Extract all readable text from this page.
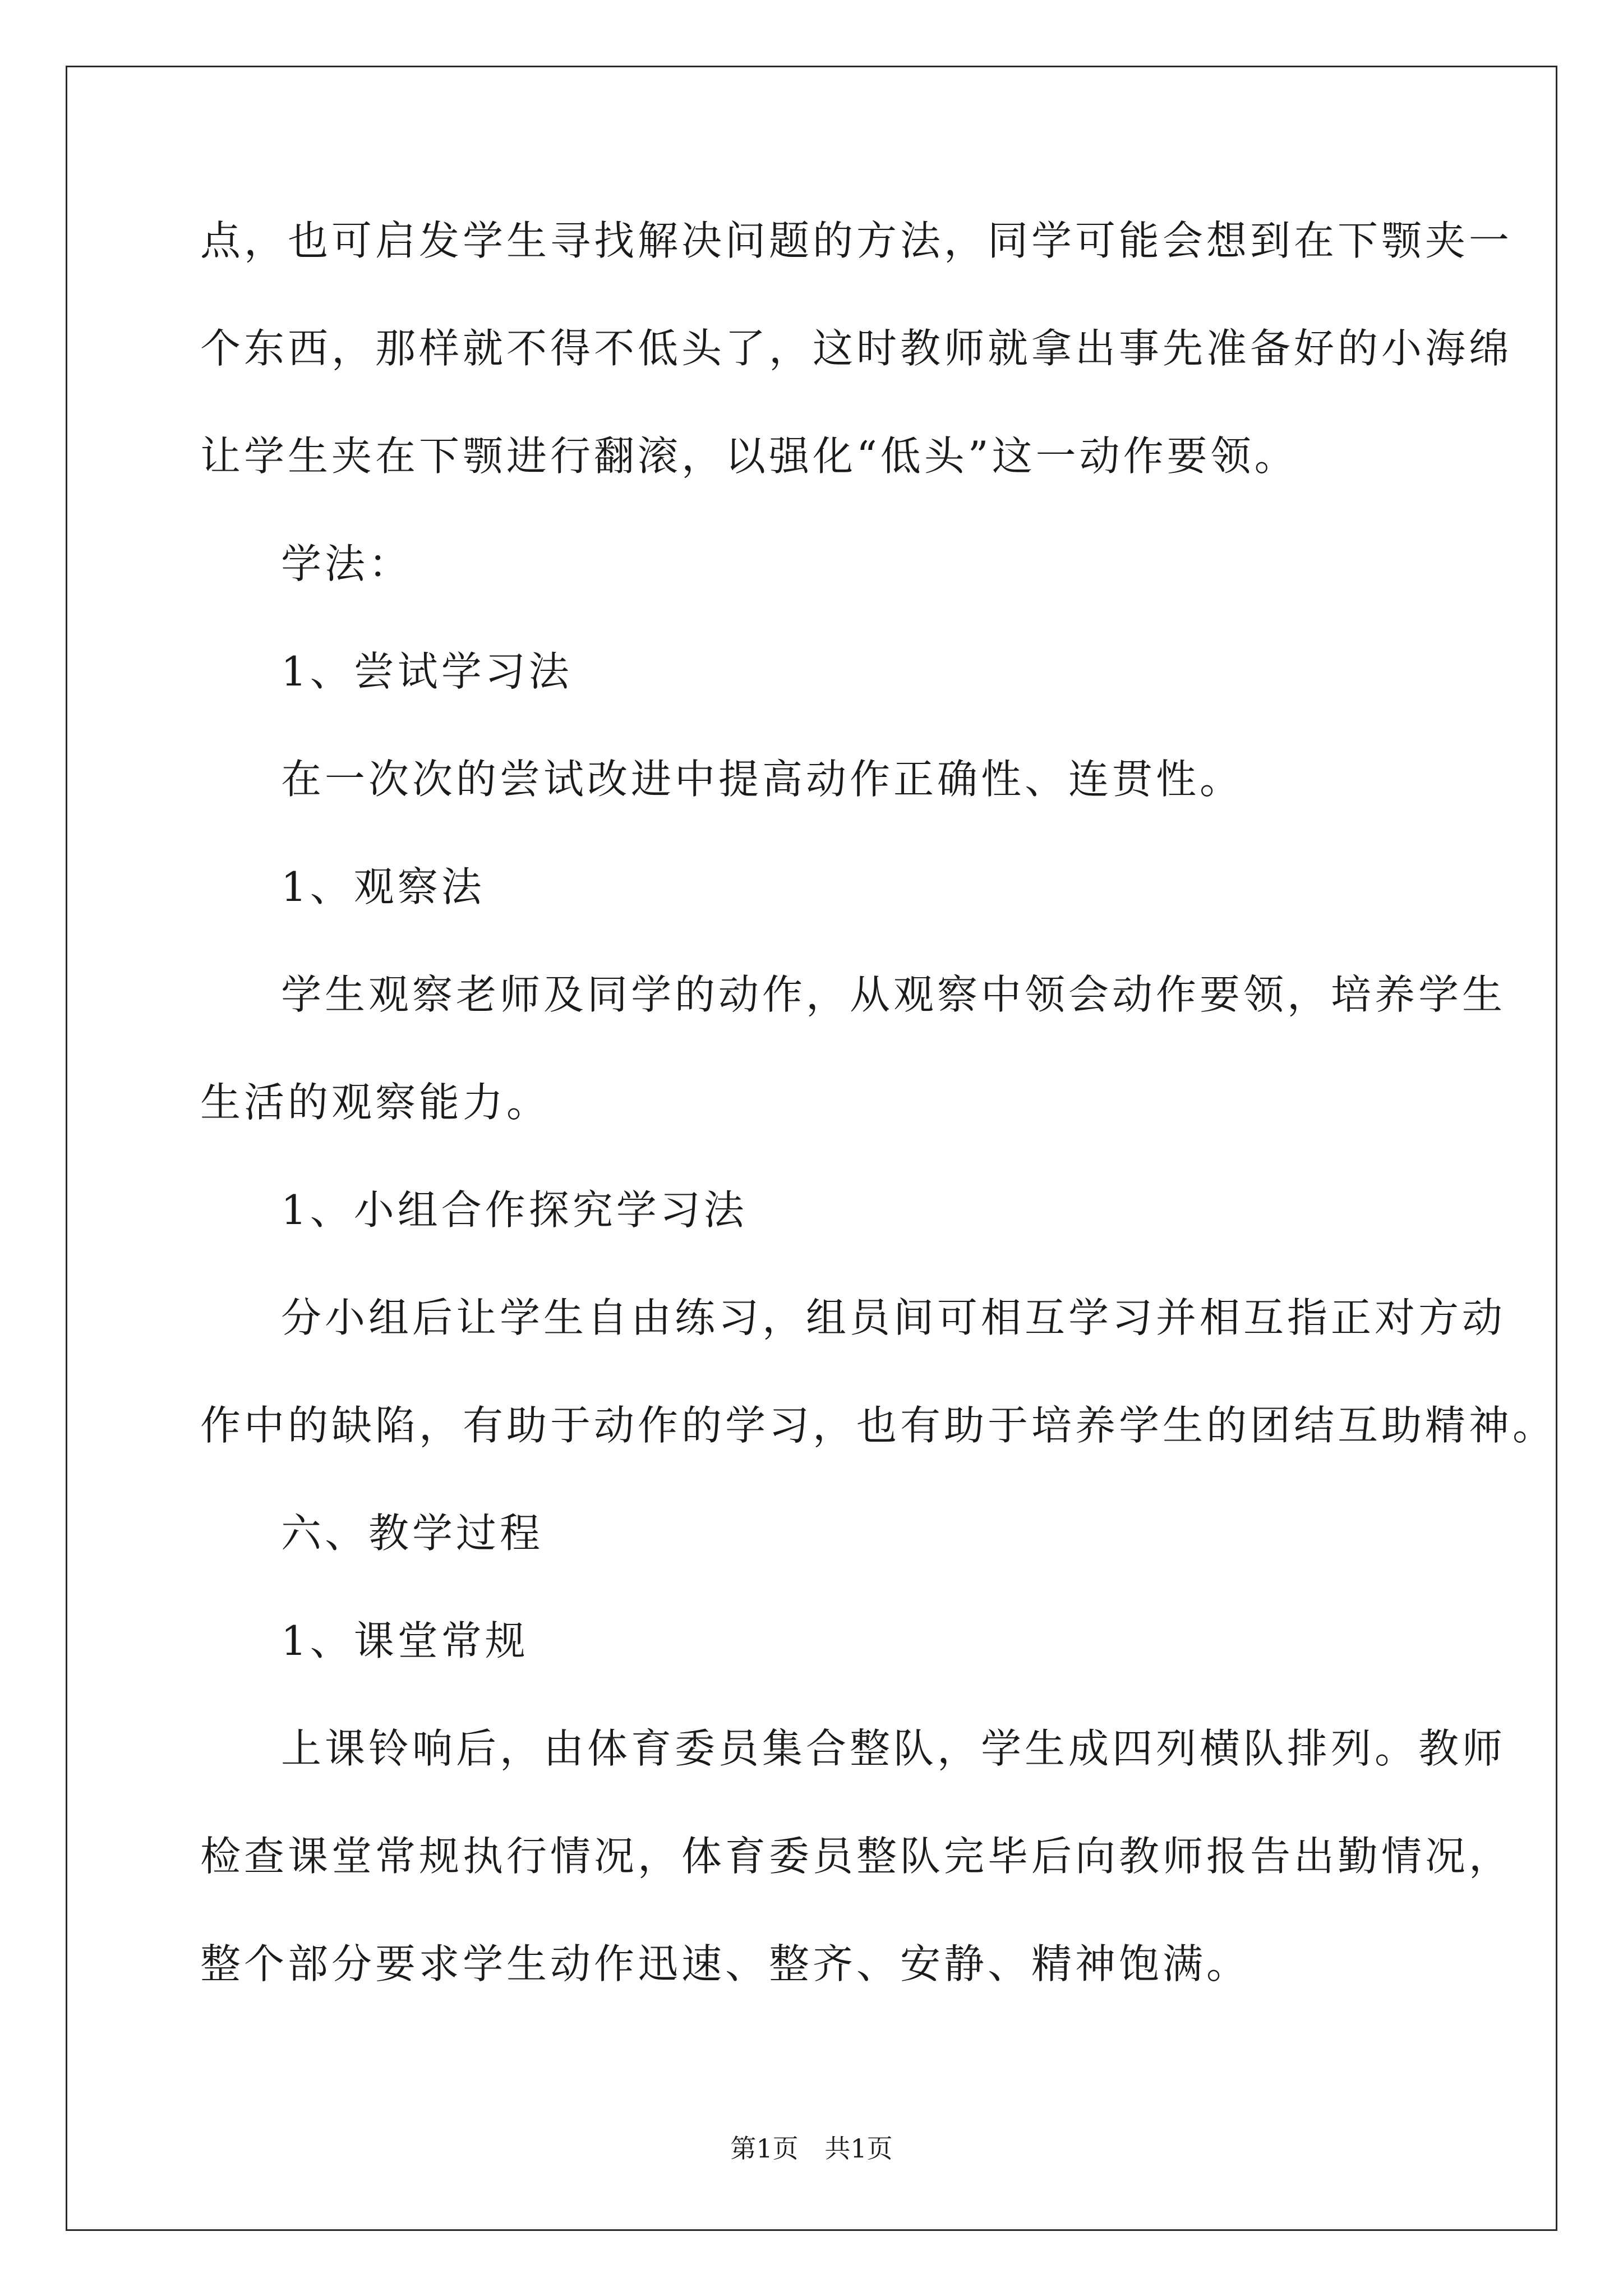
点，也可启发学生寻找解决问题的方法，同学可能会想到在下颚夹一
个东西，那样就不得不低头了，这时教师就拿出事先准备好的小海绵
让学生夹在下颚进行翻滚，以强化“低头”这一动作要领。
学法：
1、尝试学习法
在一次次的尝试改进中提高动作正确性、连贯性。
1、观察法
学生观察老师及同学的动作，从观察中领会动作要领，培养学生
生活的观察能力。
1、小组合作探究学习法
分小组后让学生自由练习，组员间可相互学习并相互指正对方动
作中的缺陷，有助于动作的学习，也有助于培养学生的团结互助精神。
六、教学过程
1、课堂常规
上课铃响后，由体育委员集合整队，学生成四列横队排列。教师
检查课堂常规执行情况，体育委员整队完毕后向教师报告出勤情况，
整个部分要求学生动作迅速、整齐、安静、精神饱满。
第1页 共1页
